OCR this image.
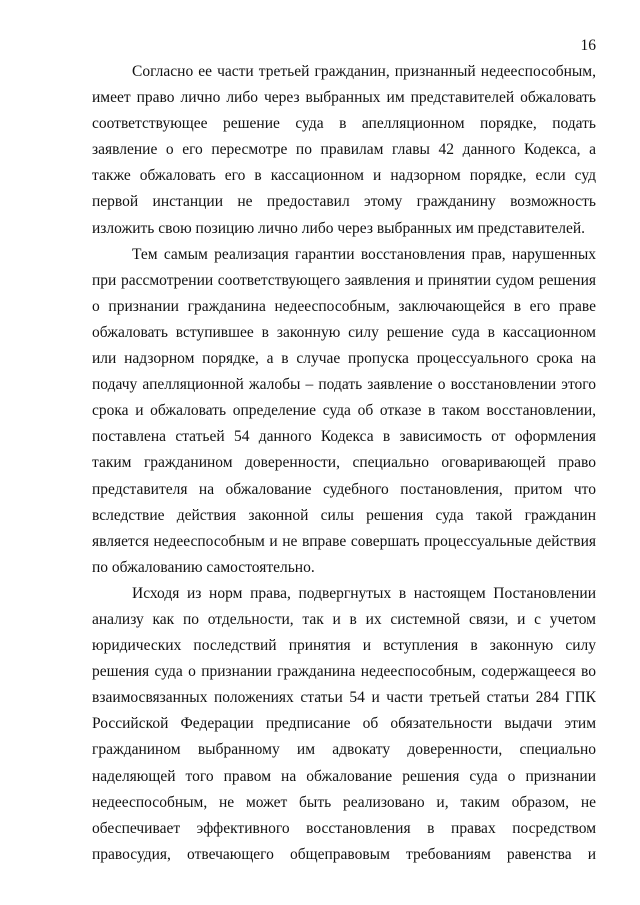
16
Согласно ее части третьей гражданин, признанный недееспособным,
имеет право лично либо через выбранных им представителей обжаловать
соответствующее решение суда в апелляционном порядке, подать
заявление о его пересмотре по правилам главы 42 данного Кодекса, а
также обжаловать его в кассационном и надзорном порядке, если суд
первой инстанции не предоставил этому гражданину возможность
изложить свою позицию лично либо через выбранных им представителей.
Тем самым реализация гарантии восстановления прав, нарушенных
при рассмотрении соответствующего заявления и принятии судом решения
о признании гражданина недееспособным, заключающейся в его праве
обжаловать вступившее в законную силу решение суда в кассационном
или надзорном порядке, а в случае пропуска процессуального срока на
подачу апелляционной жалобы – подать заявление о восстановлении этого
срока и обжаловать определение суда об отказе в таком восстановлении,
поставлена статьей 54 данного Кодекса в зависимость от оформления
таким гражданином доверенности, специально оговаривающей право
представителя на обжалование судебного постановления, притом что
вследствие действия законной силы решения суда такой гражданин
является недееспособным и не вправе совершать процессуальные действия
по обжалованию самостоятельно.
Исходя из норм права, подвергнутых в настоящем Постановлении
анализу как по отдельности, так и в их системной связи, и с учетом
юридических последствий принятия и вступления в законную силу
решения суда о признании гражданина недееспособным, содержащееся во
взаимосвязанных положениях статьи 54 и части третьей статьи 284 ГПК
Российской Федерации предписание об обязательности выдачи этим
гражданином выбранному им адвокату доверенности, специально
наделяющей того правом на обжалование решения суда о признании
недееспособным, не может быть реализовано и, таким образом, не
обеспечивает эффективного восстановления в правах посредством
правосудия, отвечающего общеправовым требованиям равенства и
